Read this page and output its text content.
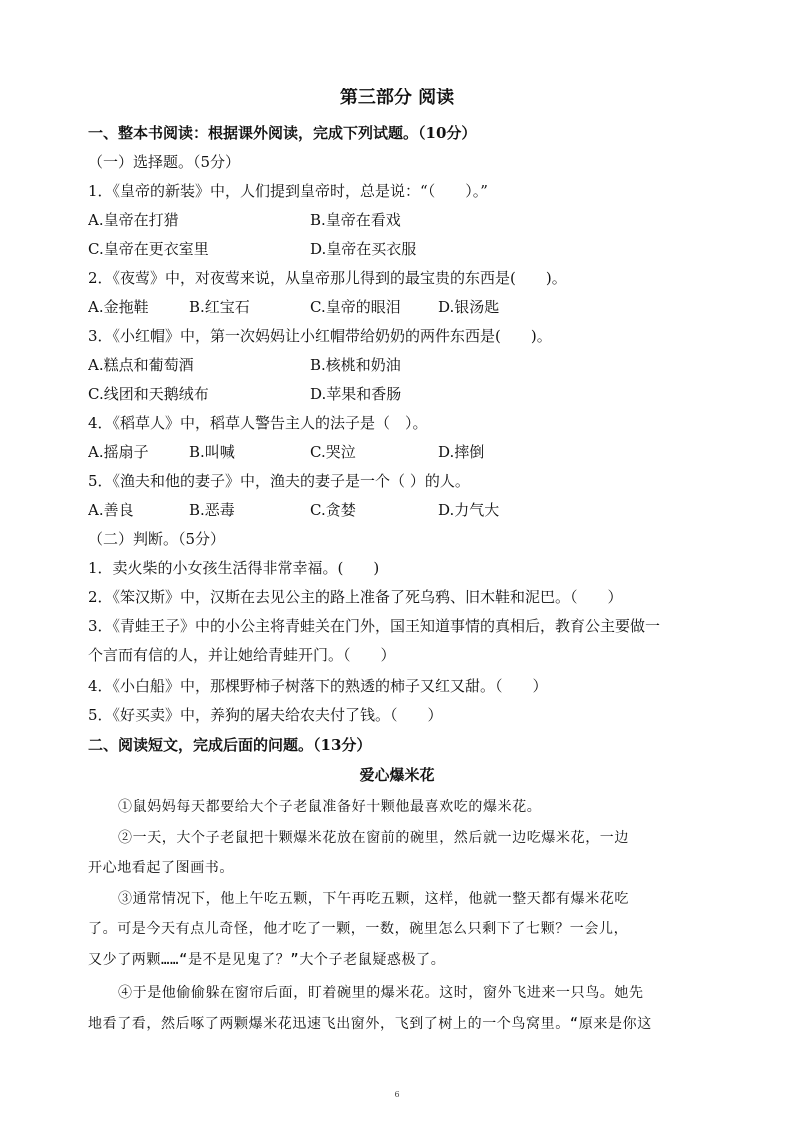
第三部分 阅读
一、整本书阅读：根据课外阅读，完成下列试题。（10分）
（一）选择题。（5分）
1．《皇帝的新装》中，人们提到皇帝时，总是说：“（　　）。”
A.皇帝在打猎	B.皇帝在看戏
C.皇帝在更衣室里	D.皇帝在买衣服
2．《夜莺》中，对夜莺来说，从皇帝那儿得到的最宝贵的东西是(　　)。
A.金拖鞋	B.红宝石	C.皇帝的眼泪 D.银汤匙
3．《小红帽》中，第一次妈妈让小红帽带给奶奶的两件东西是(　　)。
A.糕点和葡萄酒	B.核桃和奶油
C.线团和天鹅绒布	D.苹果和香肠
4．《稻草人》中，稻草人警告主人的法子是（　）。
A.摇扇子	B.叫喊	C.哭泣	D.摔倒
5．《渔夫和他的妻子》中，渔夫的妻子是一个（ ）的人。
A.善良	B.恶毒	C.贪婪	D.力气大
（二）判断。（5分）
1．卖火柴的小女孩生活得非常幸福。(　　)
2．《笨汉斯》中，汉斯在去见公主的路上准备了死乌鸦、旧木鞋和泥巴。（　　）
3．《青蛙王子》中的小公主将青蛙关在门外，国王知道事情的真相后，教育公主要做一
个言而有信的人，并让她给青蛙开门。（　　）
4．《小白船》中，那棵野柿子树落下的熟透的柿子又红又甜。（　　）
5．《好买卖》中，养狗的屠夫给农夫付了钱。（　　）
二、阅读短文，完成后面的问题。（13分）
爱心爆米花
①鼠妈妈每天都要给大个子老鼠准备好十颗他最喜欢吃的爆米花。
②一天，大个子老鼠把十颗爆米花放在窗前的碗里，然后就一边吃爆米花，一边
开心地看起了图画书。
③通常情况下，他上午吃五颗，下午再吃五颗，这样，他就一整天都有爆米花吃
了。可是今天有点儿奇怪，他才吃了一颗，一数，碗里怎么只剩下了七颗？一会儿，
又少了两颗……“是不是见鬼了？”大个子老鼠疑惑极了。
④于是他偷偷躲在窗帘后面，盯着碗里的爆米花。这时，窗外飞进来一只鸟。她先
地看了看，然后啄了两颗爆米花迅速飞出窗外，飞到了树上的一个鸟窝里。“原来是你这
6
